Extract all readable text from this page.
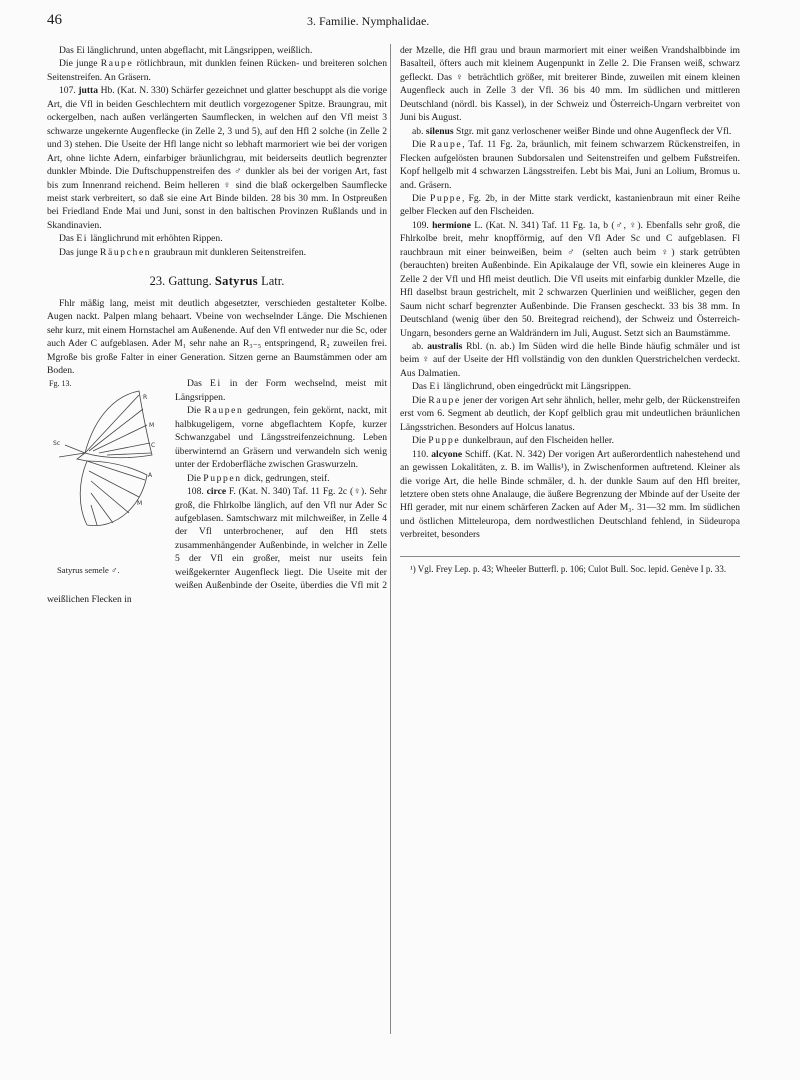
46	3. Familie. Nymphalidae.

Das Ei länglichrund, unten abgeflacht, mit Längsrippen, weißlich.

Die junge Raupe rötlichbraun, mit dunklen feinen Rücken- und breiteren solchen Seitenstreifen. An Gräsern.

107. jutta Hb. (Kat. N. 330) Schärfer gezeichnet und glatter beschuppt als die vorige Art, die Vfl in beiden Geschlechtern mit deutlich vorgezogener Spitze. Braungrau, mit ockergelben, nach außen verlängerten Saumflecken, in welchen auf den Vfl meist 3 schwarze ungekernte Augenflecke (in Zelle 2, 3 und 5), auf den Hfl 2 solche (in Zelle 2 und 3) stehen. Die Useite der Hfl lange nicht so lebhaft marmoriert wie bei der vorigen Art, ohne lichte Adern, einfarbiger bräunlichgrau, mit beiderseits deutlich begrenzter dunkler Mbinde. Die Duftschuppenstreifen des ♂ dunkler als bei der vorigen Art, fast bis zum Innenrand reichend. Beim helleren ♀ sind die blaß ockergelben Saumflecke meist stark verbreitert, so daß sie eine Art Binde bilden. 28 bis 30 mm. In Ostpreußen bei Friedland Ende Mai und Juni, sonst in den baltischen Provinzen Rußlands und in Skandinavien.

Das Ei länglichrund mit erhöhten Rippen.

Das junge Räupchen graubraun mit dunkleren Seitenstreifen.

23. Gattung. Satyrus Latr.

Fhlr mäßig lang, meist mit deutlich abgesetzter, verschieden gestalteter Kolbe. Augen nackt. Palpen mlang behaart. Vbeine von wechselnder Länge. Die Mschienen sehr kurz, mit einem Hornstachel am Außenende. Auf den Vfl entweder nur die Sc, oder auch Ader C aufgeblasen. Ader M₁ sehr nahe an R₃₋₅ entspringend, R₂ zuweilen frei. Mgroße bis große Falter in einer Generation. Sitzen gerne an Baumstämmen oder am Boden.

Fg. 13.
R
M
C
Sc
A
M
Satyrus semele ♂.

Das Ei in der Form wechselnd, meist mit Längsrippen.

Die Raupen gedrungen, fein gekörnt, nackt, mit halbkugeligem, vorne abgeflachtem Kopfe, kurzer Schwanzgabel und Längsstreifenzeichnung. Leben überwinternd an Gräsern und verwandeln sich wenig unter der Erdoberfläche zwischen Graswurzeln.

Die Puppen dick, gedrungen, steif.

108. circe F. (Kat. N. 340) Taf. 11 Fg. 2c (♀). Sehr groß, die Fhlrkolbe länglich, auf den Vfl nur Ader Sc aufgeblasen. Samtschwarz mit milchweißer, in Zelle 4 der Vfl unterbrochener, auf den Hfl stets zusammenhängender Außenbinde, in welcher in Zelle 5 der Vfl ein großer, meist nur useits fein weißgekernter Augenfleck liegt. Die Useite mit der weißen Außenbinde der Oseite, überdies die Vfl mit 2 weißlichen Flecken in

der Mzelle, die Hfl grau und braun marmoriert mit einer weißen Vrandshalbbinde im Basalteil, öfters auch mit kleinem Augenpunkt in Zelle 2. Die Fransen weiß, schwarz gefleckt. Das ♀ beträchtlich größer, mit breiterer Binde, zuweilen mit einem kleinen Augenfleck auch in Zelle 3 der Vfl. 36 bis 40 mm. Im südlichen und mittleren Deutschland (nördl. bis Kassel), in der Schweiz und Österreich-Ungarn verbreitet von Juni bis August.

ab. silenus Stgr. mit ganz verloschener weißer Binde und ohne Augenfleck der Vfl.

Die Raupe, Taf. 11 Fg. 2a, bräunlich, mit feinem schwarzem Rückenstreifen, in Flecken aufgelösten braunen Subdorsalen und Seitenstreifen und gelbem Fußstreifen. Kopf hellgelb mit 4 schwarzen Längsstreifen. Lebt bis Mai, Juni an Lolium, Bromus u. and. Gräsern.

Die Puppe, Fg. 2b, in der Mitte stark verdickt, kastanienbraun mit einer Reihe gelber Flecken auf den Flscheiden.

109. hermione L. (Kat. N. 341) Taf. 11 Fg. 1a, b (♂, ♀). Ebenfalls sehr groß, die Fhlrkolbe breit, mehr knopfförmig, auf den Vfl Ader Sc und C aufgeblasen. Fl rauchbraun mit einer beinweißen, beim ♂ (selten auch beim ♀) stark getrübten (berauchten) breiten Außenbinde. Ein Apikalauge der Vfl, sowie ein kleineres Auge in Zelle 2 der Vfl und Hfl meist deutlich. Die Vfl useits mit einfarbig dunkler Mzelle, die Hfl daselbst braun gestrichelt, mit 2 schwarzen Querlinien und weißlicher, gegen den Saum nicht scharf begrenzter Außenbinde. Die Fransen gescheckt. 33 bis 38 mm. In Deutschland (wenig über den 50. Breitegrad reichend), der Schweiz und Österreich-Ungarn, besonders gerne an Waldrändern im Juli, August. Setzt sich an Baumstämme.

ab. australis Rbl. (n. ab.) Im Süden wird die helle Binde häufig schmäler und ist beim ♀ auf der Useite der Hfl vollständig von den dunklen Querstrichelchen verdeckt. Aus Dalmatien.

Das Ei länglichrund, oben eingedrückt mit Längsrippen.

Die Raupe jener der vorigen Art sehr ähnlich, heller, mehr gelb, der Rückenstreifen erst vom 6. Segment ab deutlich, der Kopf gelblich grau mit undeutlichen bräunlichen Längsstrichen. Besonders auf Holcus lanatus.

Die Puppe dunkelbraun, auf den Flscheiden heller.

110. alcyone Schiff. (Kat. N. 342) Der vorigen Art außerordentlich nahestehend und an gewissen Lokalitäten, z. B. im Wallis¹), in Zwischenformen auftretend. Kleiner als die vorige Art, die helle Binde schmäler, d. h. der dunkle Saum auf den Hfl breiter, letztere oben stets ohne Analauge, die äußere Begrenzung der Mbinde auf der Useite der Hfl gerader, mit nur einem schärferen Zacken auf Ader M₃. 31—32 mm. Im südlichen und östlichen Mitteleuropa, dem nordwestlichen Deutschland fehlend, in Südeuropa verbreitet, besonders

¹) Vgl. Frey Lep. p. 43; Wheeler Butterfl. p. 106; Culot Bull. Soc. lepid. Genève I p. 33.
